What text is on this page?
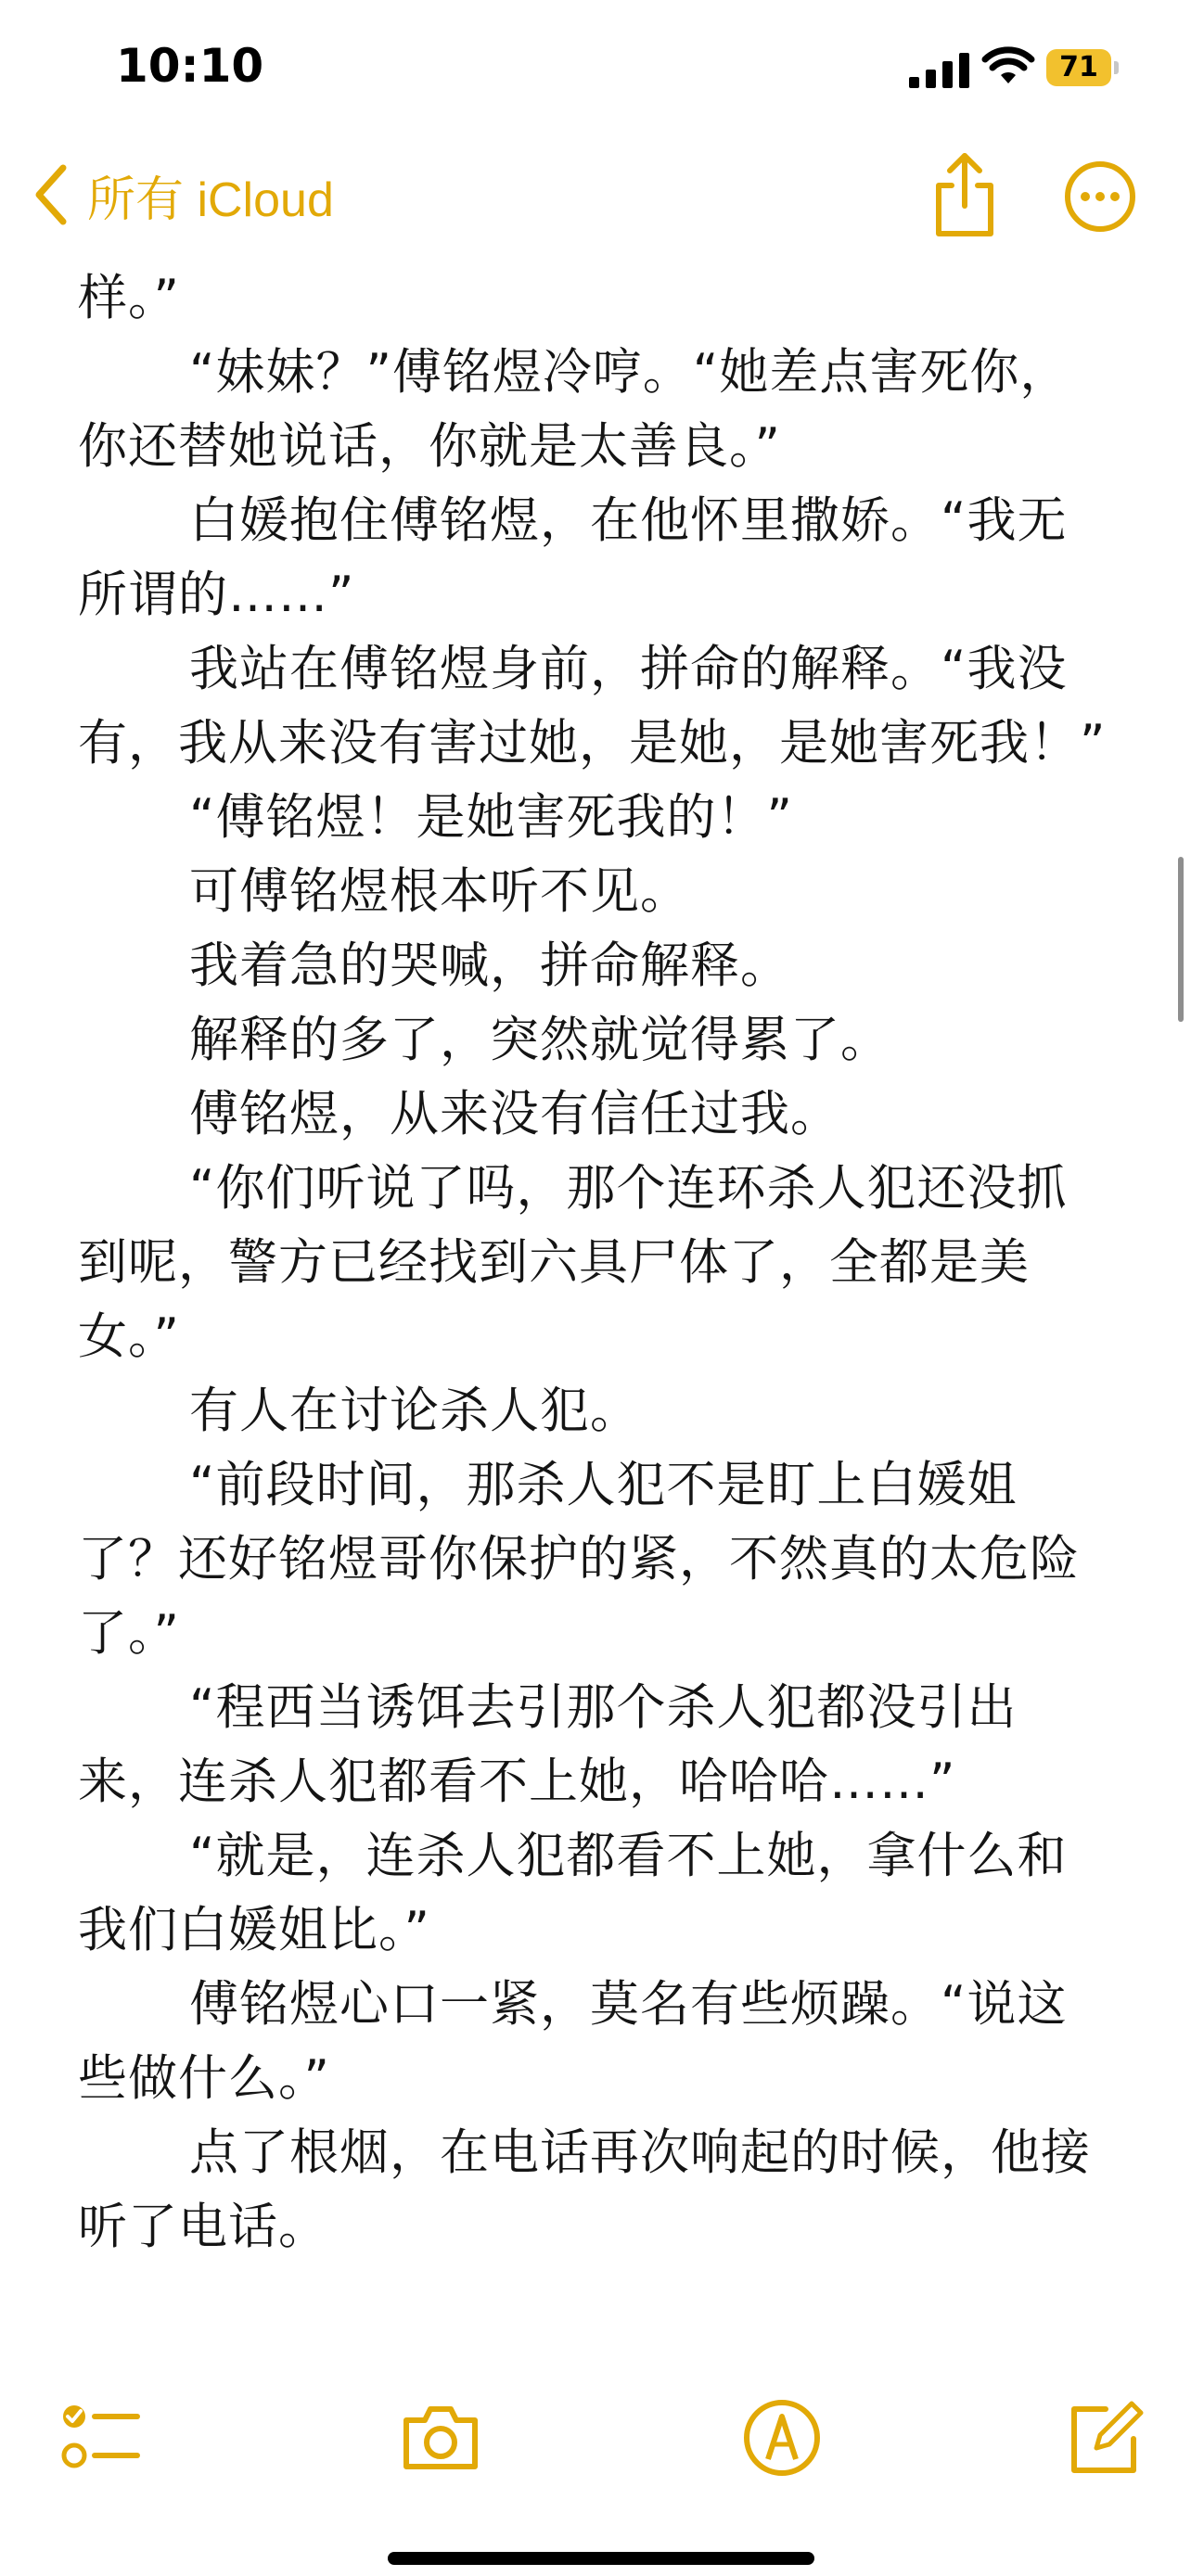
10:10	71
所有 iCloud

样。”

“妹妹？”傅铭煜冷哼。“她差点害死你，你还替她说话，你就是太善良。”

白媛抱住傅铭煜，在他怀里撒娇。“我无所谓的……”

我站在傅铭煜身前，拼命的解释。“我没有，我从来没有害过她，是她，是她害死我！”

“傅铭煜！是她害死我的！”

可傅铭煜根本听不见。

我着急的哭喊，拼命解释。

解释的多了，突然就觉得累了。

傅铭煜，从来没有信任过我。

“你们听说了吗，那个连环杀人犯还没抓到呢，警方已经找到六具尸体了，全都是美女。”

有人在讨论杀人犯。

“前段时间，那杀人犯不是盯上白媛姐了？还好铭煜哥你保护的紧，不然真的太危险了。”

“程西当诱饵去引那个杀人犯都没引出来，连杀人犯都看不上她，哈哈哈……”

“就是，连杀人犯都看不上她，拿什么和我们白媛姐比。”

傅铭煜心口一紧，莫名有些烦躁。“说这些做什么。”

点了根烟，在电话再次响起的时候，他接听了电话。
